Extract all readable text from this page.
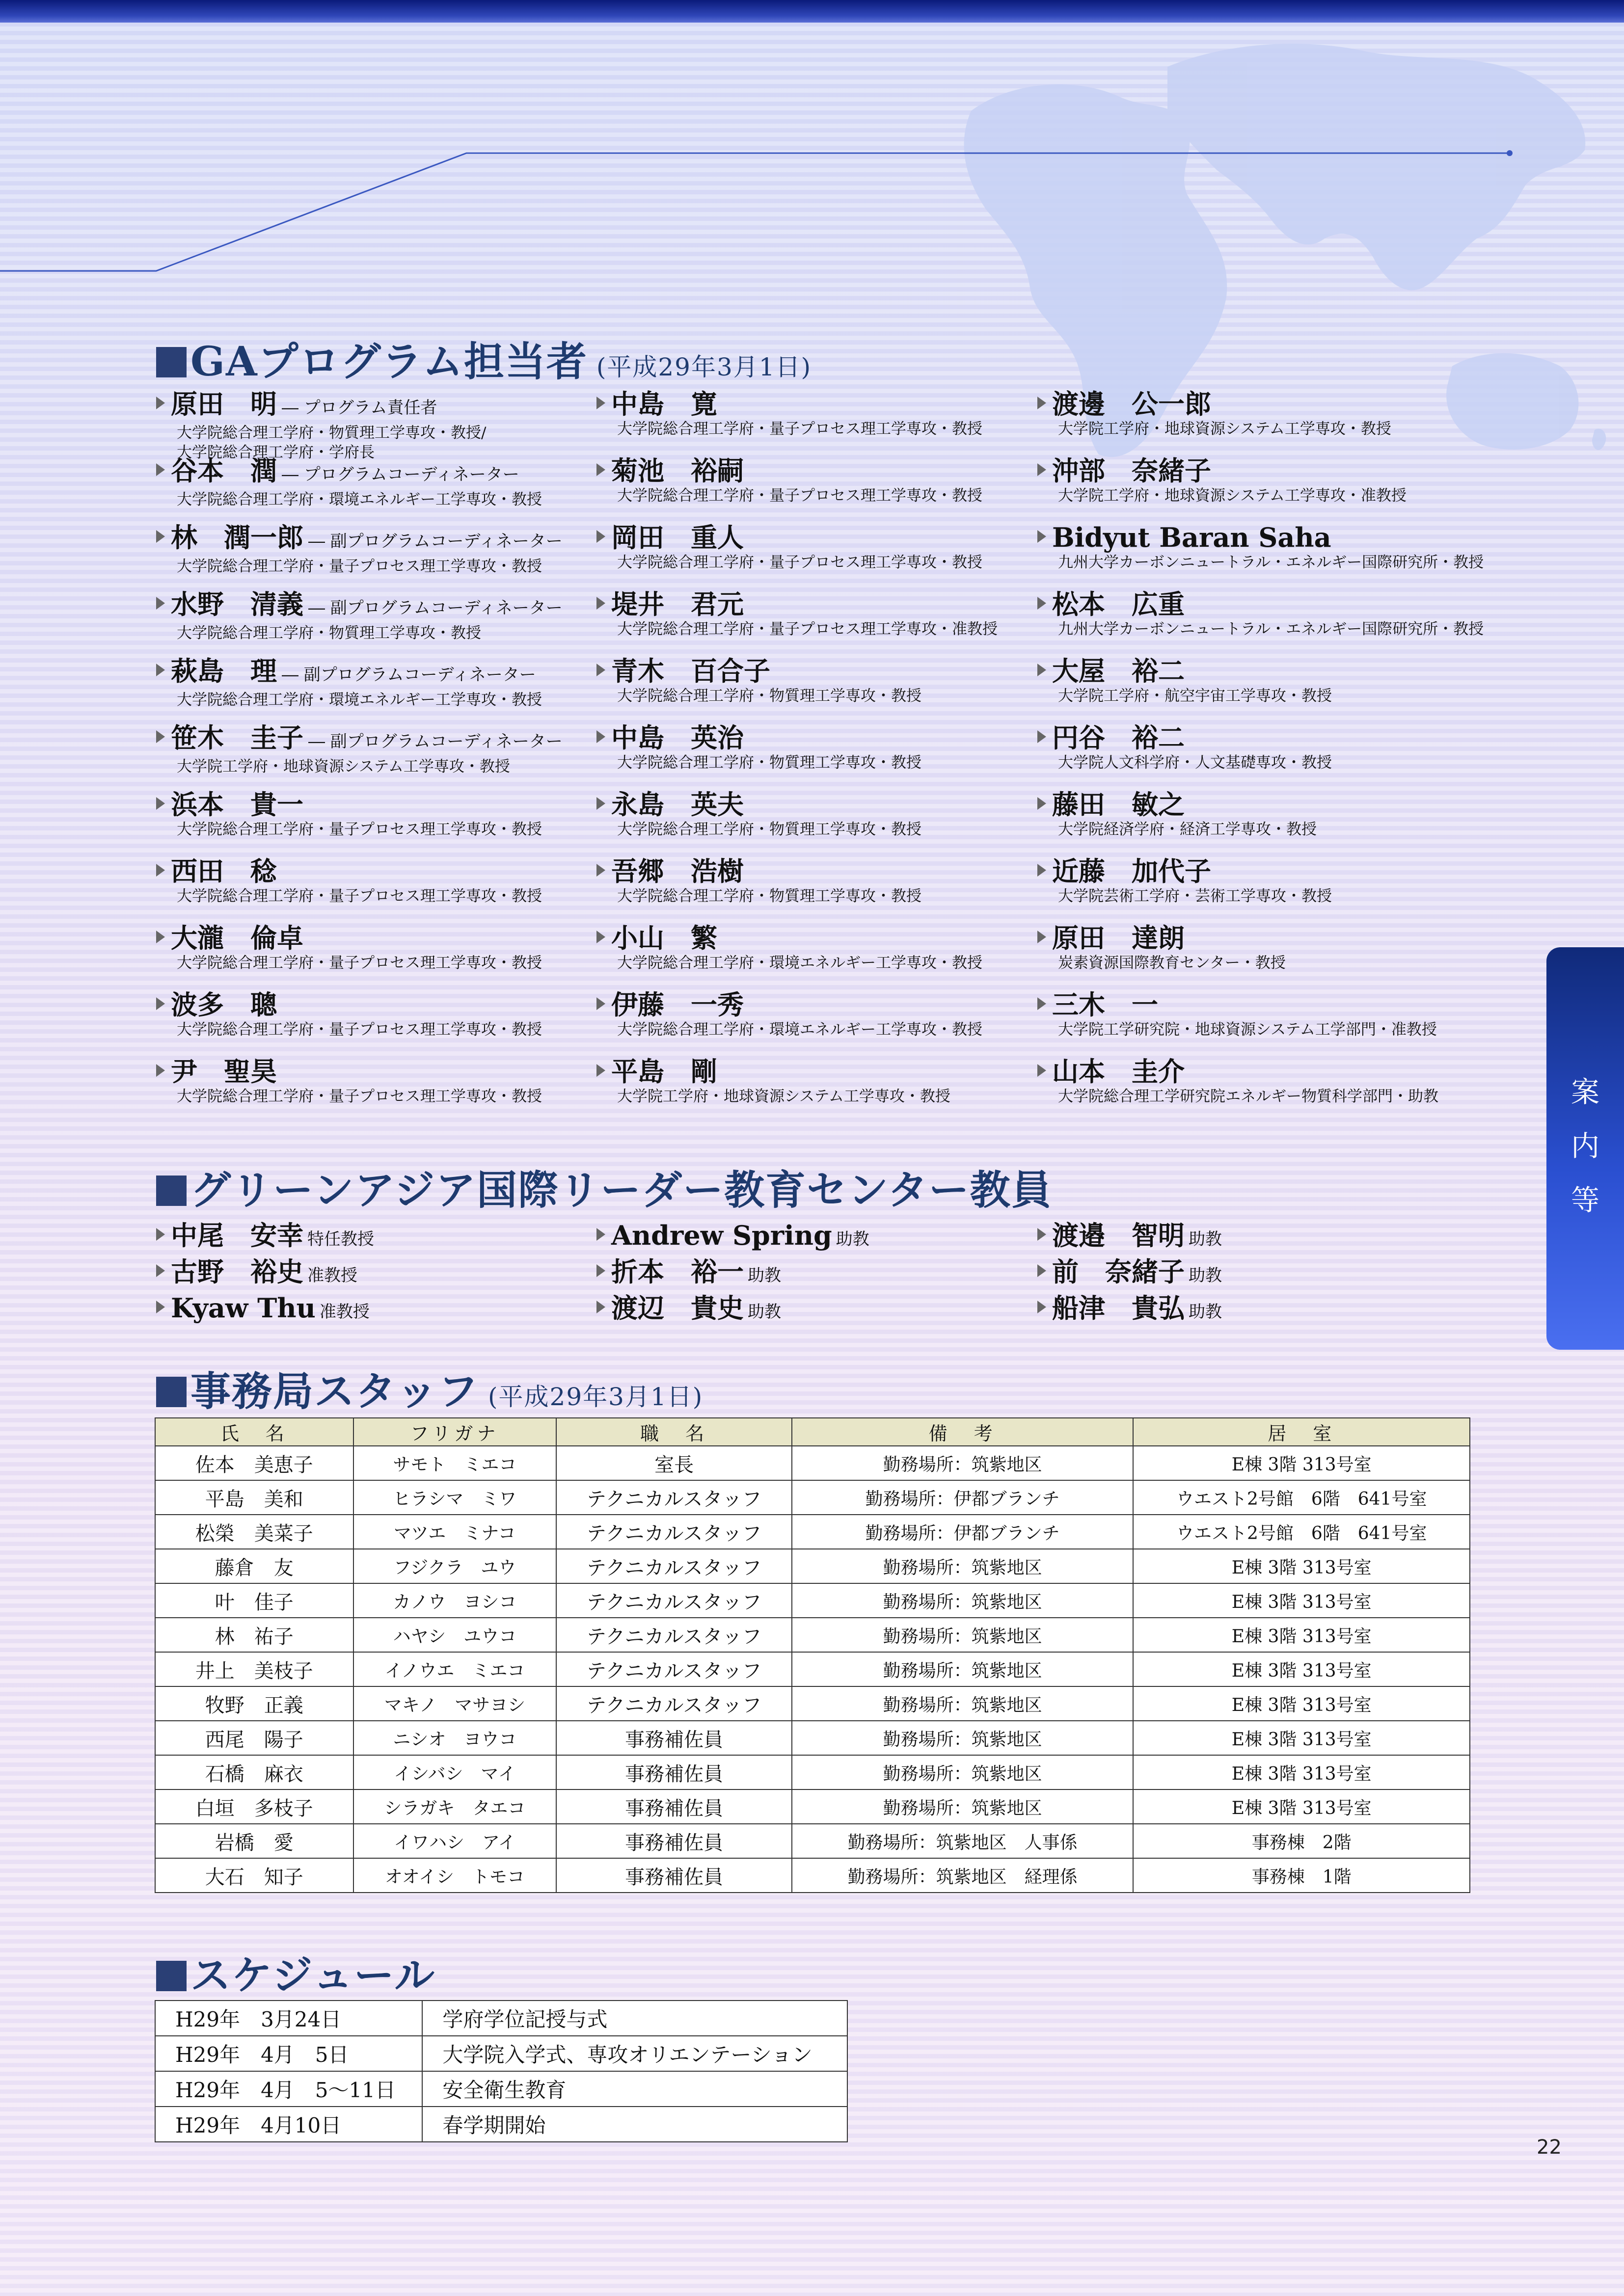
GAプログラム担当者 (平成29年3月1日)
原田　明 ― プログラム責任者
大学院総合理工学府・物質理工学専攻・教授/
大学院総合理工学府・学府長
谷本　潤 ― プログラムコーディネーター
大学院総合理工学府・環境エネルギー工学専攻・教授
林　潤一郎 ― 副プログラムコーディネーター
大学院総合理工学府・量子プロセス理工学専攻・教授
水野　清義 ― 副プログラムコーディネーター
大学院総合理工学府・物質理工学専攻・教授
萩島　理 ― 副プログラムコーディネーター
大学院総合理工学府・環境エネルギー工学専攻・教授
笹木　圭子 ― 副プログラムコーディネーター
大学院工学府・地球資源システム工学専攻・教授
浜本　貴一
大学院総合理工学府・量子プロセス理工学専攻・教授
西田　稔
大学院総合理工学府・量子プロセス理工学専攻・教授
大瀧　倫卓
大学院総合理工学府・量子プロセス理工学専攻・教授
波多　聰
大学院総合理工学府・量子プロセス理工学専攻・教授
尹　聖昊
大学院総合理工学府・量子プロセス理工学専攻・教授
中島　寛
大学院総合理工学府・量子プロセス理工学専攻・教授
菊池　裕嗣
大学院総合理工学府・量子プロセス理工学専攻・教授
岡田　重人
大学院総合理工学府・量子プロセス理工学専攻・教授
堤井　君元
大学院総合理工学府・量子プロセス理工学専攻・准教授
青木　百合子
大学院総合理工学府・物質理工学専攻・教授
中島　英治
大学院総合理工学府・物質理工学専攻・教授
永島　英夫
大学院総合理工学府・物質理工学専攻・教授
吾郷　浩樹
大学院総合理工学府・物質理工学専攻・教授
小山　繁
大学院総合理工学府・環境エネルギー工学専攻・教授
伊藤　一秀
大学院総合理工学府・環境エネルギー工学専攻・教授
平島　剛
大学院工学府・地球資源システム工学専攻・教授
渡邊　公一郎
大学院工学府・地球資源システム工学専攻・教授
沖部　奈緒子
大学院工学府・地球資源システム工学専攻・准教授
Bidyut Baran Saha
九州大学カーボンニュートラル・エネルギー国際研究所・教授
松本　広重
九州大学カーボンニュートラル・エネルギー国際研究所・教授
大屋　裕二
大学院工学府・航空宇宙工学専攻・教授
円谷　裕二
大学院人文科学府・人文基礎専攻・教授
藤田　敏之
大学院経済学府・経済工学専攻・教授
近藤　加代子
大学院芸術工学府・芸術工学専攻・教授
原田　達朗
炭素資源国際教育センター・教授
三木　一
大学院工学研究院・地球資源システム工学部門・准教授
山本　圭介
大学院総合理工学研究院エネルギー物質科学部門・助教
グリーンアジア国際リーダー教育センター教員
中尾　安幸 特任教授
古野　裕史 准教授
Kyaw Thu 准教授
Andrew Spring 助教
折本　裕一 助教
渡辺　貴史 助教
渡邉　智明 助教
前　奈緒子 助教
船津　貴弘 助教
事務局スタッフ (平成29年3月1日)
氏　名	フリガナ	職　名	備　考	居　室
佐本　美恵子	サモト　ミエコ	室長	勤務場所：筑紫地区	E棟 3階 313号室
平島　美和	ヒラシマ　ミワ	テクニカルスタッフ	勤務場所：伊都ブランチ	ウエスト2号館　6階　641号室
松榮　美菜子	マツエ　ミナコ	テクニカルスタッフ	勤務場所：伊都ブランチ	ウエスト2号館　6階　641号室
藤倉　友	フジクラ　ユウ	テクニカルスタッフ	勤務場所：筑紫地区	E棟 3階 313号室
叶　佳子	カノウ　ヨシコ	テクニカルスタッフ	勤務場所：筑紫地区	E棟 3階 313号室
林　祐子	ハヤシ　ユウコ	テクニカルスタッフ	勤務場所：筑紫地区	E棟 3階 313号室
井上　美枝子	イノウエ　ミエコ	テクニカルスタッフ	勤務場所：筑紫地区	E棟 3階 313号室
牧野　正義	マキノ　マサヨシ	テクニカルスタッフ	勤務場所：筑紫地区	E棟 3階 313号室
西尾　陽子	ニシオ　ヨウコ	事務補佐員	勤務場所：筑紫地区	E棟 3階 313号室
石橋　麻衣	イシバシ　マイ	事務補佐員	勤務場所：筑紫地区	E棟 3階 313号室
白垣　多枝子	シラガキ　タエコ	事務補佐員	勤務場所：筑紫地区	E棟 3階 313号室
岩橋　愛	イワハシ　アイ	事務補佐員	勤務場所：筑紫地区　人事係	事務棟　2階
大石　知子	オオイシ　トモコ	事務補佐員	勤務場所：筑紫地区　経理係	事務棟　1階
スケジュール
H29年　3月24日	学府学位記授与式
H29年　4月　5日	大学院入学式、専攻オリエンテーション
H29年　4月　5〜11日	安全衛生教育
H29年　4月10日	春学期開始
案
内
等
22
